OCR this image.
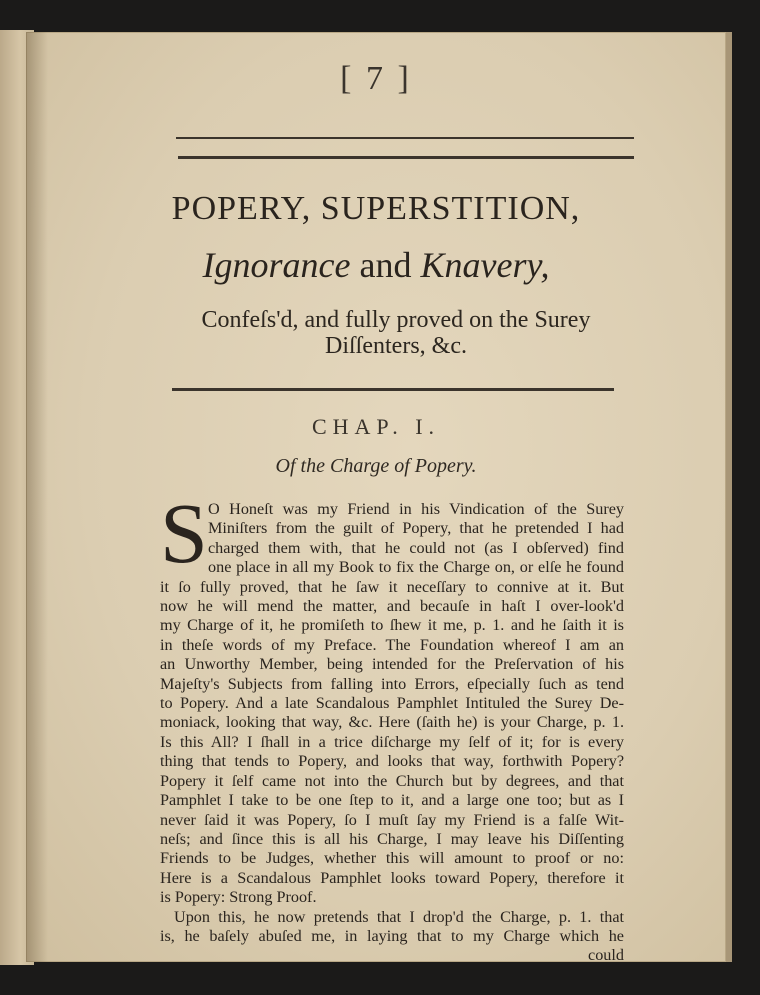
[ 7 ]
POPERY, SUPERSTITION,
Ignorance and Knavery,
Confeſs'd, and fully proved on the Surey
Diſſenters, &c.
CHAP. I.
Of the Charge of Popery.
S O Honeſt was my Friend in his Vindication of the Surey
Miniſters from the guilt of Popery, that he pretended I had
charged them with, that he could not (as I obſerved) find
one place in all my Book to fix the Charge on, or elſe he found
it ſo fully proved, that he ſaw it neceſſary to connive at it. But
now he will mend the matter, and becauſe in haſt I over-look'd
my Charge of it, he promiſeth to ſhew it me, p. 1. and he ſaith it is
in theſe words of my Preface. The Foundation whereof I am an
an Unworthy Member, being intended for the Preſervation of his
Majeſty's Subjects from falling into Errors, eſpecially ſuch as tend
to Popery. And a late Scandalous Pamphlet Intituled the Surey De-
moniack, looking that way, &c. Here (ſaith he) is your Charge, p. 1.
Is this All? I ſhall in a trice diſcharge my ſelf of it; for is every
thing that tends to Popery, and looks that way, forthwith Popery?
Popery it ſelf came not into the Church but by degrees, and that
Pamphlet I take to be one ſtep to it, and a large one too; but as I
never ſaid it was Popery, ſo I muſt ſay my Friend is a falſe Wit-
neſs; and ſince this is all his Charge, I may leave his Diſſenting
Friends to be Judges, whether this will amount to proof or no:
Here is a Scandalous Pamphlet looks toward Popery, therefore it
is Popery: Strong Proof.
Upon this, he now pretends that I drop'd the Charge, p. 1. that
is, he baſely abuſed me, in laying that to my Charge which he
could
